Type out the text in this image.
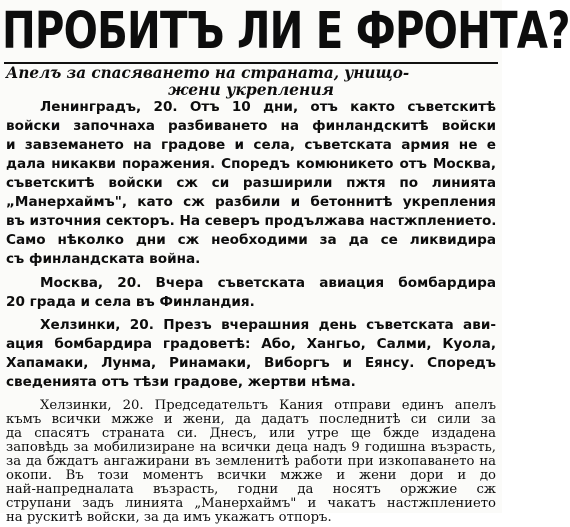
ПРОБИТЪ ЛИ Е ФРОНТА?

Апелъ за спасяването на страната, унищо-

жени укрепления

Ленинградъ, 20. Отъ 10 дни, отъ както съветскитѣ

войски започнаха разбиването на финландскитѣ войски

и завземането на градове и села, съветската армия не е

дала никакви поражения. Споредъ комюникето отъ Москва,

съветскитѣ войски сж си разширили пжтя по линията

„Манерхаймъ", като сж разбили и бетоннитѣ укрепления

въ източния секторъ. На северъ продължава настжплението.

Само нѣколко дни сж необходими за да се ликвидира

съ финландската война.

Москва, 20. Вчера съветската авиация бомбардира

20 града и села въ Финландия.

Хелзинки, 20. Презъ вчерашния день съветската ави-

ация бомбардира градоветѣ: Або, Хангьо, Салми, Куола,

Хапамаки, Лунма, Ринамаки, Виборгъ и Еянсу. Споредъ

сведенията отъ тѣзи градове, жертви нѣма.

Хелзинки, 20. Председательтъ Кания отправи единъ апелъ

къмъ всички мжже и жени, да дадатъ последнитѣ си сили за

да спасятъ страната си. Днесъ, или утре ще бжде издадена

заповѣдь за мобилизиране на всички деца надъ 9 годишна възрасть,

за да бждатъ ангажирани въ земленитѣ работи при изкопаването на

окопи. Въ този моментъ всички мжже и жени дори и до

най-напредналата възрасть, годни да носятъ оржжие сж

струпани задъ линията „Манерхаймъ" и чакатъ настжплението

на рускитѣ войски, за да имъ укажатъ отпоръ.
